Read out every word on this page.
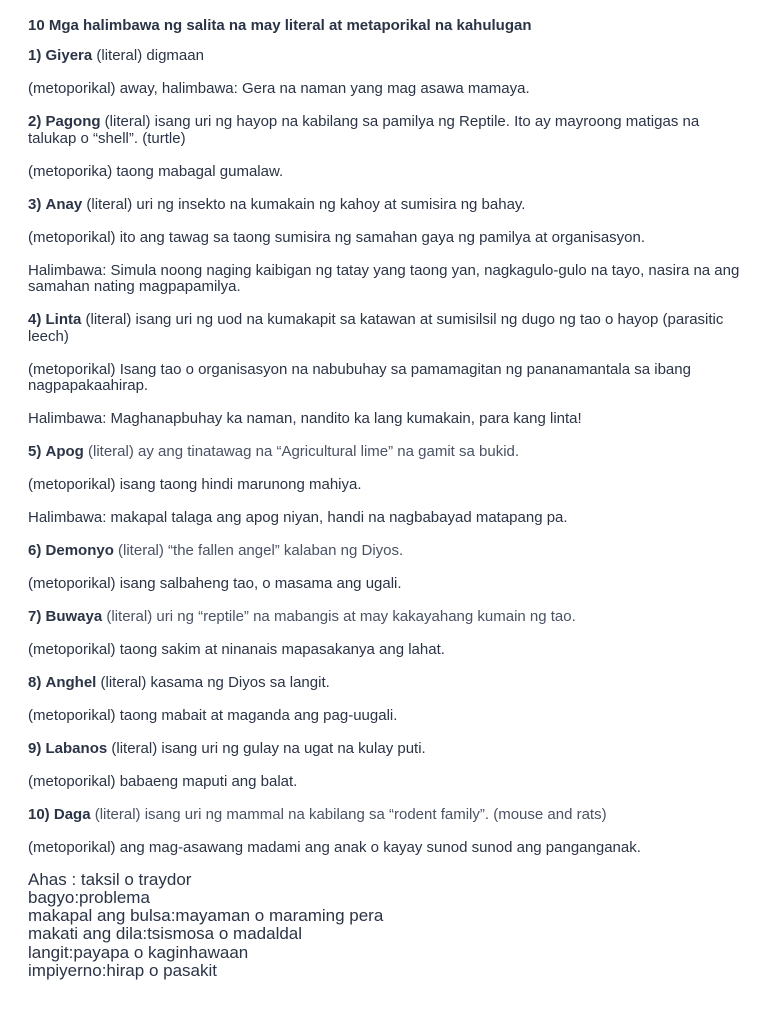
10 Mga halimbawa ng salita na may literal at metaporikal na kahulugan
1) Giyera (literal) digmaan
(metoporikal) away, halimbawa: Gera na naman yang mag asawa mamaya.
2) Pagong (literal) isang uri ng hayop na kabilang sa pamilya ng Reptile. Ito ay mayroong matigas na talukap o “shell”. (turtle)
(metoporika) taong mabagal gumalaw.
3) Anay (literal) uri ng insekto na kumakain ng kahoy at sumisira ng bahay.
(metoporikal) ito ang tawag sa taong sumisira ng samahan gaya ng pamilya at organisasyon.
Halimbawa: Simula noong naging kaibigan ng tatay yang taong yan, nagkagulo-gulo na tayo, nasira na ang samahan nating magpapamilya.
4) Linta (literal) isang uri ng uod na kumakapit sa katawan at sumisilsil ng dugo ng tao o hayop (parasitic leech)
(metoporikal) Isang tao o organisasyon na nabubuhay sa pamamagitan ng pananamantala sa ibang nagpapakaahirap.
Halimbawa: Maghanapbuhay ka naman, nandito ka lang kumakain, para kang linta!
5) Apog (literal) ay ang tinatawag na “Agricultural lime” na gamit sa bukid.
(metoporikal) isang taong hindi marunong mahiya.
Halimbawa: makapal talaga ang apog niyan, handi na nagbabayad matapang pa.
6) Demonyo (literal) “the fallen angel” kalaban ng Diyos.
(metoporikal) isang salbaheng tao, o masama ang ugali.
7) Buwaya (literal) uri ng “reptile” na mabangis at may kakayahang kumain ng tao.
(metoporikal) taong sakim at ninanais mapasakanya ang lahat.
8) Anghel (literal) kasama ng Diyos sa langit.
(metoporikal) taong mabait at maganda ang pag-uugali.
9) Labanos (literal) isang uri ng gulay na ugat na kulay puti.
(metoporikal) babaeng maputi ang balat.
10) Daga (literal) isang uri ng mammal na kabilang sa “rodent family”. (mouse and rats)
(metoporikal) ang mag-asawang madami ang anak o kayay sunod sunod ang panganganak.
Ahas : taksil o traydor
bagyo:problema
makapal ang bulsa:mayaman o maraming pera
makati ang dila:tsismosa o madaldal
langit:payapa o kaginhawaan
impiyerno:hirap o pasakit
